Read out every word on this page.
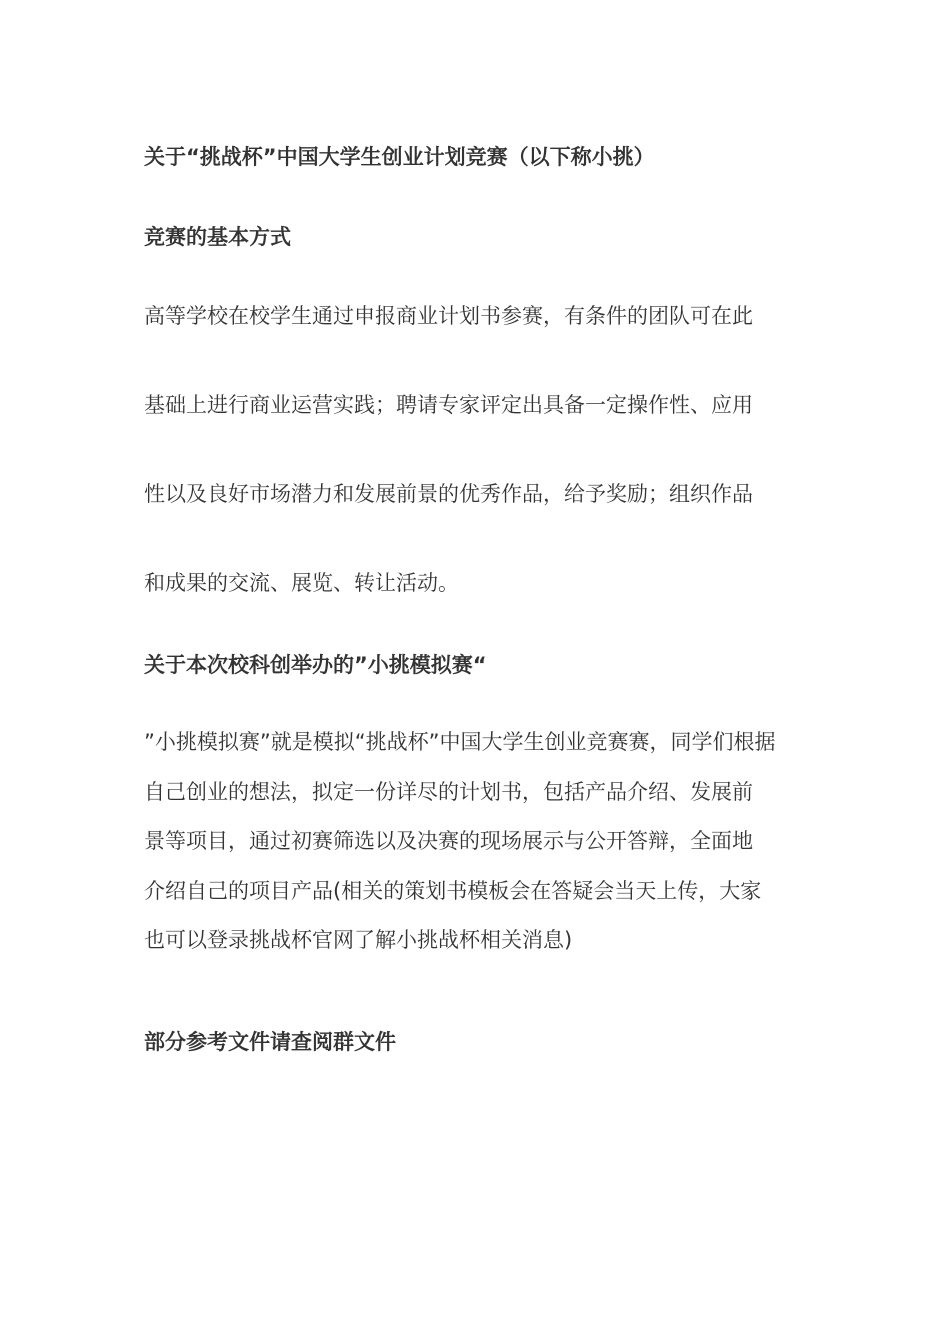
关于“挑战杯”中国大学生创业计划竞赛（以下称小挑）
竞赛的基本方式

高等学校在校学生通过申报商业计划书参赛，有条件的团队可在此

基础上进行商业运营实践；聘请专家评定出具备一定操作性、应用

性以及良好市场潜力和发展前景的优秀作品，给予奖励；组织作品

和成果的交流、展览、转让活动。

关于本次校科创举办的”小挑模拟赛“

”小挑模拟赛”就是模拟“挑战杯”中国大学生创业竞赛赛，同学们根据

自己创业的想法，拟定一份详尽的计划书，包括产品介绍、发展前

景等项目，通过初赛筛选以及决赛的现场展示与公开答辩，全面地

介绍自己的项目产品(相关的策划书模板会在答疑会当天上传，大家

也可以登录挑战杯官网了解小挑战杯相关消息)

部分参考文件请查阅群文件
